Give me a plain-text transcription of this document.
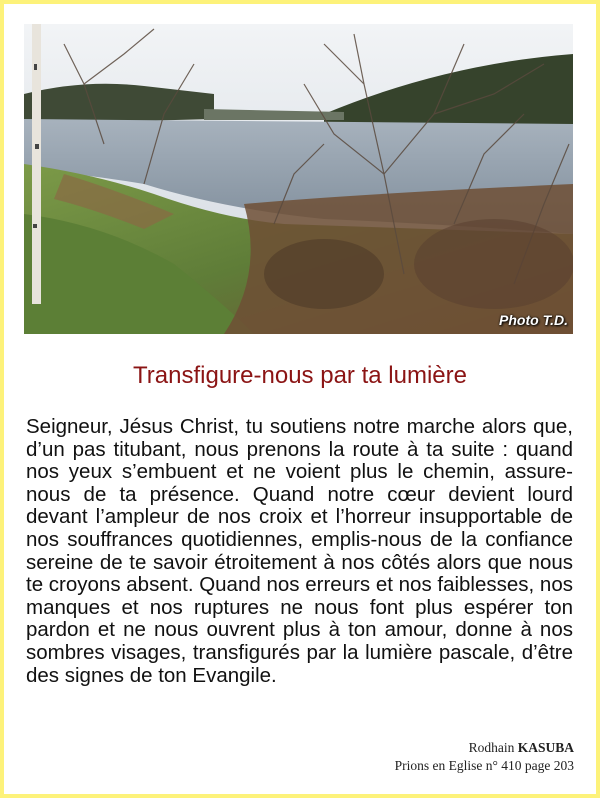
Photo T.D.
Transfigure-nous par ta lumière

Seigneur, Jésus Christ, tu soutiens notre marche alors que, d’un pas titubant, nous prenons la route à ta suite : quand nos yeux s’embuent et ne voient plus le chemin, assure-nous de ta présence. Quand notre cœur devient lourd devant l’ampleur de nos croix et l’horreur insupportable de nos souffrances quotidiennes, emplis-nous de la confiance sereine de te savoir étroitement à nos côtés alors que nous te croyons absent. Quand nos erreurs et nos faiblesses, nos manques et nos ruptures ne nous font plus espérer ton pardon et ne nous ouvrent plus à ton amour, donne à nos sombres visages, transfigurés par la lumière pascale, d’être des signes de ton Evangile.

Rodhain KASUBA
Prions en Eglise n° 410 page 203
